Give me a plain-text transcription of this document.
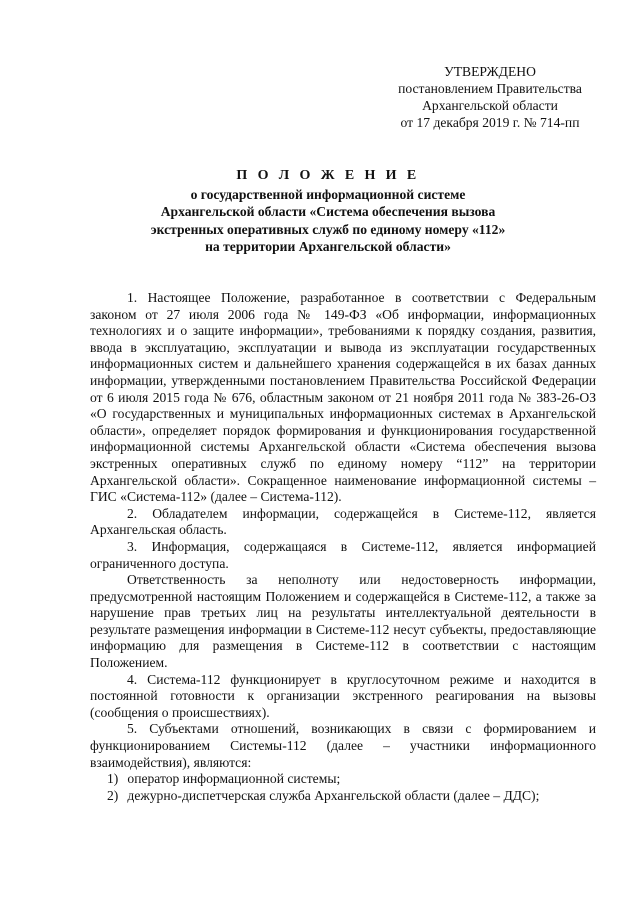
УТВЕРЖДЕНО
постановлением Правительства
Архангельской области
от 17 декабря 2019 г. № 714-пп
П О Л О Ж Е Н И Е
о государственной информационной системе
Архангельской области «Система обеспечения вызова
экстренных оперативных служб по единому номеру «112»
на территории Архангельской области»

1. Настоящее Положение, разработанное в соответствии с Федеральным законом от 27 июля 2006 года № 149-ФЗ «Об информации, информационных технологиях и о защите информации», требованиями к порядку создания, развития, ввода в эксплуатацию, эксплуатации и вывода из эксплуатации государственных информационных систем и дальнейшего хранения содержащейся в их базах данных информации, утвержденными постановлением Правительства Российской Федерации от 6 июля 2015 года № 676, областным законом от 21 ноября 2011 года № 383-26-ОЗ «О государственных и муниципальных информационных системах в Архангельской области», определяет порядок формирования и функционирования государственной информационной системы Архангельской области «Система обеспечения вызова экстренных оперативных служб по единому номеру “112” на территории Архангельской области». Сокращенное наименование информационной системы – ГИС «Система-112» (далее – Система-112).

2. Обладателем информации, содержащейся в Системе-112, является Архангельская область.

3. Информация, содержащаяся в Системе-112, является информацией ограниченного доступа.

Ответственность за неполноту или недостоверность информации, предусмотренной настоящим Положением и содержащейся в Системе-112, а также за нарушение прав третьих лиц на результаты интеллектуальной деятельности в результате размещения информации в Системе-112 несут субъекты, предоставляющие информацию для размещения в Системе-112 в соответствии с настоящим Положением.

4. Система-112 функционирует в круглосуточном режиме и находится в постоянной готовности к организации экстренного реагирования на вызовы (сообщения о происшествиях).

5. Субъектами отношений, возникающих в связи с формированием и функционированием Системы-112 (далее – участники информационного взаимодействия), являются:

1) оператор информационной системы;

2) дежурно-диспетчерская служба Архангельской области (далее – ДДС);
